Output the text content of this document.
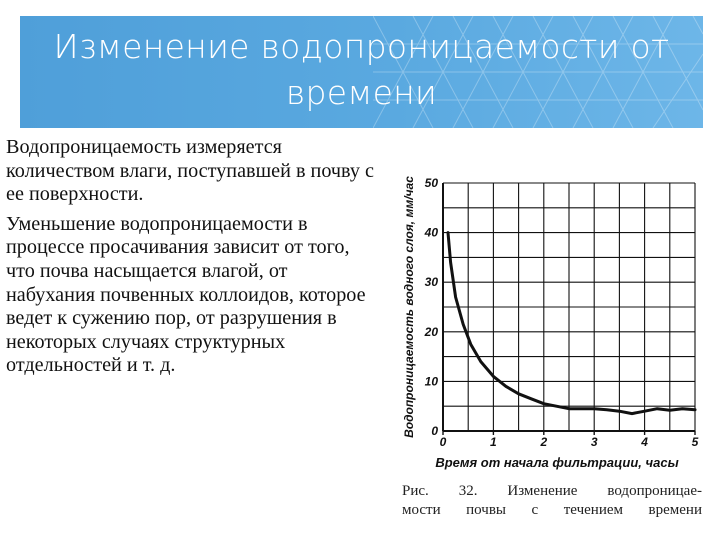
Изменение водопроницаемости от времени

Водопроницаемость измеряется количеством влаги, поступавшей в почву с ее поверхности.

Уменьшение водопроницаемости в процессе просачивания зависит от того, что почва насыщается влагой, от набухания почвенных коллоидов, которое ведет к сужению пор, от разрушения в некоторых случаях структурных отдельностей и т. д.

0
10
20
30
40
50
0	1	2	3	4	5
Водопроницаемость водного слоя, мм/час
Время от начала фильтрации, часы
Рис. 32. Изменение водопроницае-
мости почвы с течением времени
